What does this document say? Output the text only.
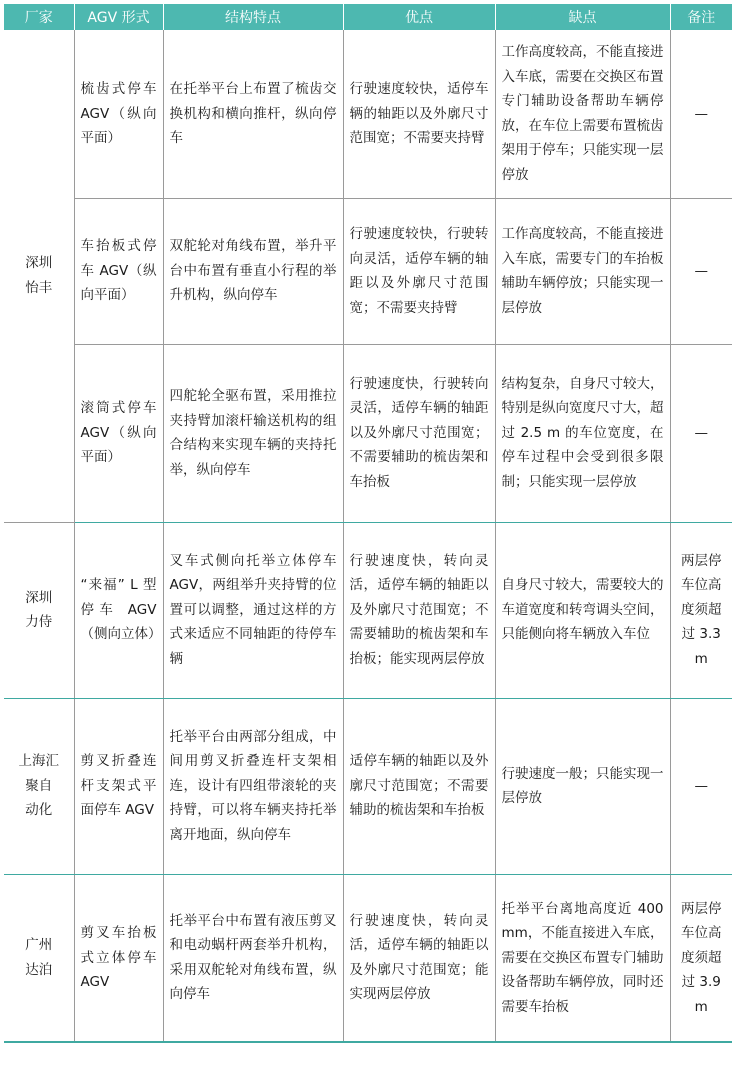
厂家	AGV 形式	结构特点	优点	缺点	备注

深圳
怡丰	梳齿式停车 AGV（纵向平面）	在托举平台上布置了梳齿交换机构和横向推杆，纵向停车	行驶速度较快，适停车辆的轴距以及外廓尺寸范围宽；不需要夹持臂	工作高度较高，不能直接进入车底，需要在交换区布置专门辅助设备帮助车辆停放，在车位上需要布置梳齿架用于停车；只能实现一层停放	—
	车抬板式停车 AGV（纵向平面）	双舵轮对角线布置，举升平台中布置有垂直小行程的举升机构，纵向停车	行驶速度较快，行驶转向灵活，适停车辆的轴距以及外廓尺寸范围宽；不需要夹持臂	工作高度较高，不能直接进入车底，需要专门的车抬板辅助车辆停放；只能实现一层停放	—
	滚筒式停车 AGV（纵向平面）	四舵轮全驱布置，采用推拉夹持臂加滚杆输送机构的组合结构来实现车辆的夹持托举，纵向停车	行驶速度快，行驶转向灵活，适停车辆的轴距以及外廓尺寸范围宽；不需要辅助的梳齿架和车抬板	结构复杂，自身尺寸较大，特别是纵向宽度尺寸大，超过 2.5 m 的车位宽度，在停车过程中会受到很多限制；只能实现一层停放	—

深圳
力侍	“来福” L 型停车 AGV（侧向立体）	叉车式侧向托举立体停车 AGV，两组举升夹持臂的位置可以调整，通过这样的方式来适应不同轴距的待停车辆	行驶速度快，转向灵活，适停车辆的轴距以及外廓尺寸范围宽；不需要辅助的梳齿架和车抬板；能实现两层停放	自身尺寸较大，需要较大的车道宽度和转弯调头空间，只能侧向将车辆放入车位	两层停车位高度须超过 3.3 m

上海汇
聚自
动化	剪叉折叠连杆支架式平面停车 AGV	托举平台由两部分组成，中间用剪叉折叠连杆支架相连，设计有四组带滚轮的夹持臂，可以将车辆夹持托举离开地面，纵向停车	适停车辆的轴距以及外廓尺寸范围宽；不需要辅助的梳齿架和车抬板	行驶速度一般；只能实现一层停放	—

广州
达泊	剪叉车抬板式立体停车 AGV	托举平台中布置有液压剪叉和电动蜗杆两套举升机构，采用双舵轮对角线布置，纵向停车	行驶速度快，转向灵活，适停车辆的轴距以及外廓尺寸范围宽；能实现两层停放	托举平台离地高度近 400 mm，不能直接进入车底，需要在交换区布置专门辅助设备帮助车辆停放，同时还需要车抬板	两层停车位高度须超过 3.9 m
